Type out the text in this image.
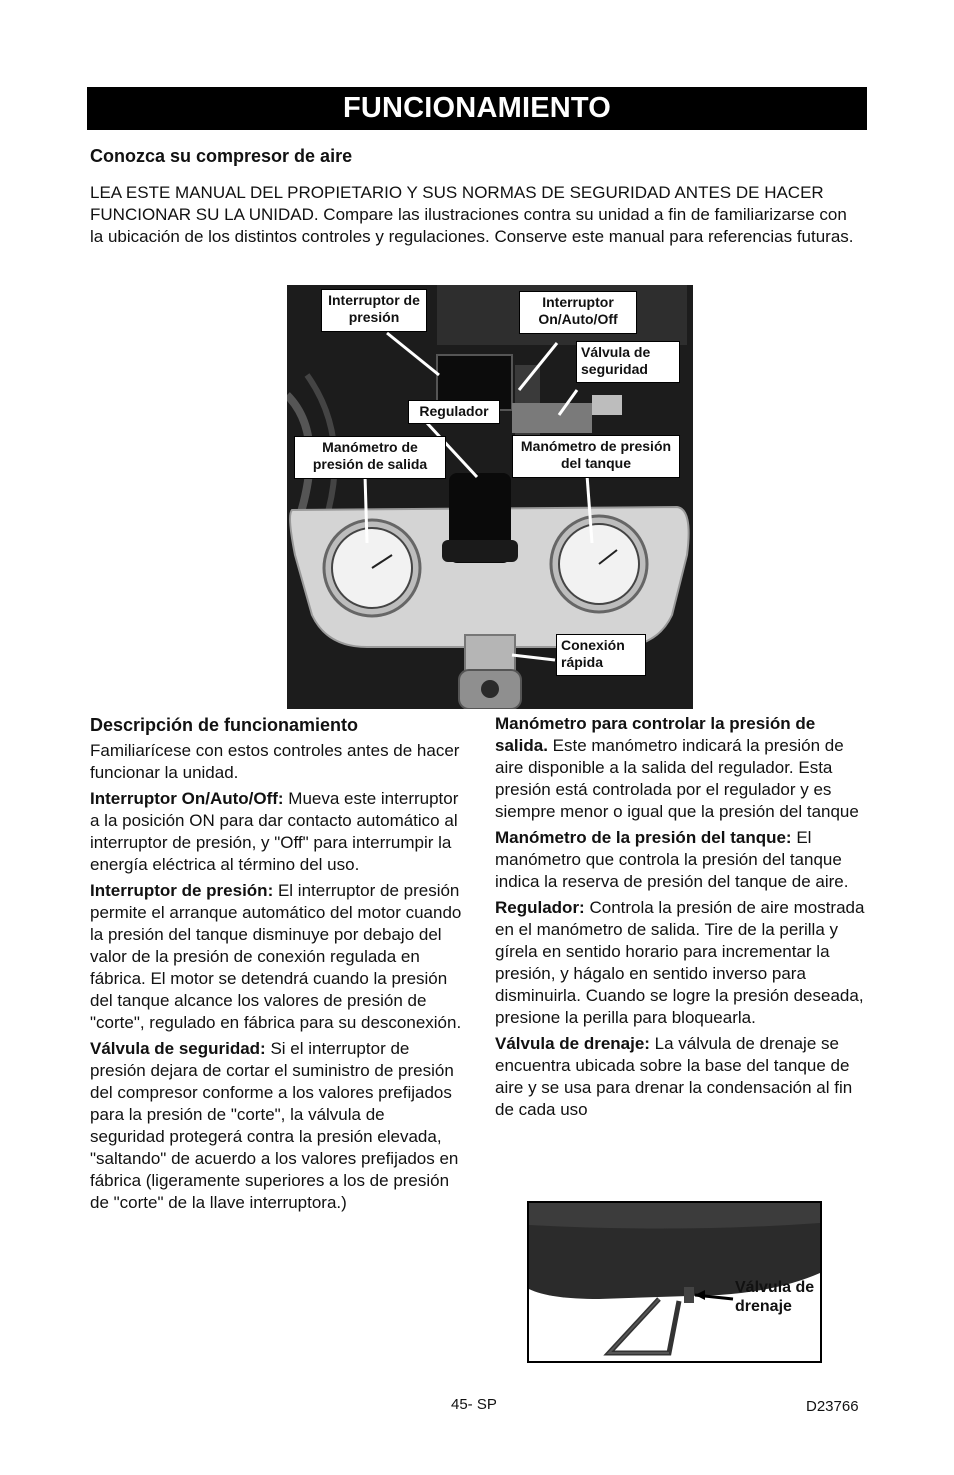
FUNCIONAMIENTO
Conozca su compresor de aire

LEA ESTE MANUAL DEL PROPIETARIO Y SUS NORMAS DE SEGURIDAD ANTES DE HACER FUNCIONAR SU LA UNIDAD. Compare las ilustraciones contra su unidad a fin de familiarizarse con la ubicación de los distintos controles y regulaciones. Conserve este manual para referencias futuras.

Interruptor de presión
Interruptor On/Auto/Off
Válvula de seguridad
Regulador
Manómetro de presión de salida
Manómetro de presión del tanque
Conexión rápida
Descripción de funcionamiento

Familiarícese con estos controles antes de hacer funcionar la unidad.

Interruptor On/Auto/Off: Mueva este interruptor a la posición ON para dar contacto automático al interruptor de presión, y "Off" para interrumpir la energía eléctrica al término del uso.

Interruptor de presión: El interruptor de presión permite el arranque automático del motor cuando la presión del tanque disminuye por debajo del valor de la presión de conexión regulada en fábrica. El motor se detendrá cuando la presión del tanque alcance los valores de presión de "corte", regulado en fábrica para su desconexión.

Válvula de seguridad: Si el interruptor de presión dejara de cortar el suministro de presión del compresor conforme a los valores prefijados para la presión de "corte", la válvula de seguridad protegerá contra la presión elevada, "saltando" de acuerdo a los valores prefijados en fábrica (ligeramente superiores a los de presión de "corte" de la llave interruptora.)

Manómetro para controlar la presión de salida. Este manómetro indicará la presión de aire disponible a la salida del regulador. Esta presión está controlada por el regulador y es siempre menor o igual que la presión del tanque

Manómetro de la presión del tanque: El manómetro que controla la presión del tanque indica la reserva de presión del tanque de aire.

Regulador: Controla la presión de aire mostrada en el manómetro de salida. Tire de la perilla y gírela en sentido horario para incrementar la presión, y hágalo en sentido inverso para disminuirla. Cuando se logre la presión deseada, presione la perilla para bloquearla.

Válvula de drenaje: La válvula de drenaje se encuentra ubicada sobre la base del tanque de aire y se usa para drenar la condensación al fin de cada uso

Válvula de drenaje
45- SP	D23766
